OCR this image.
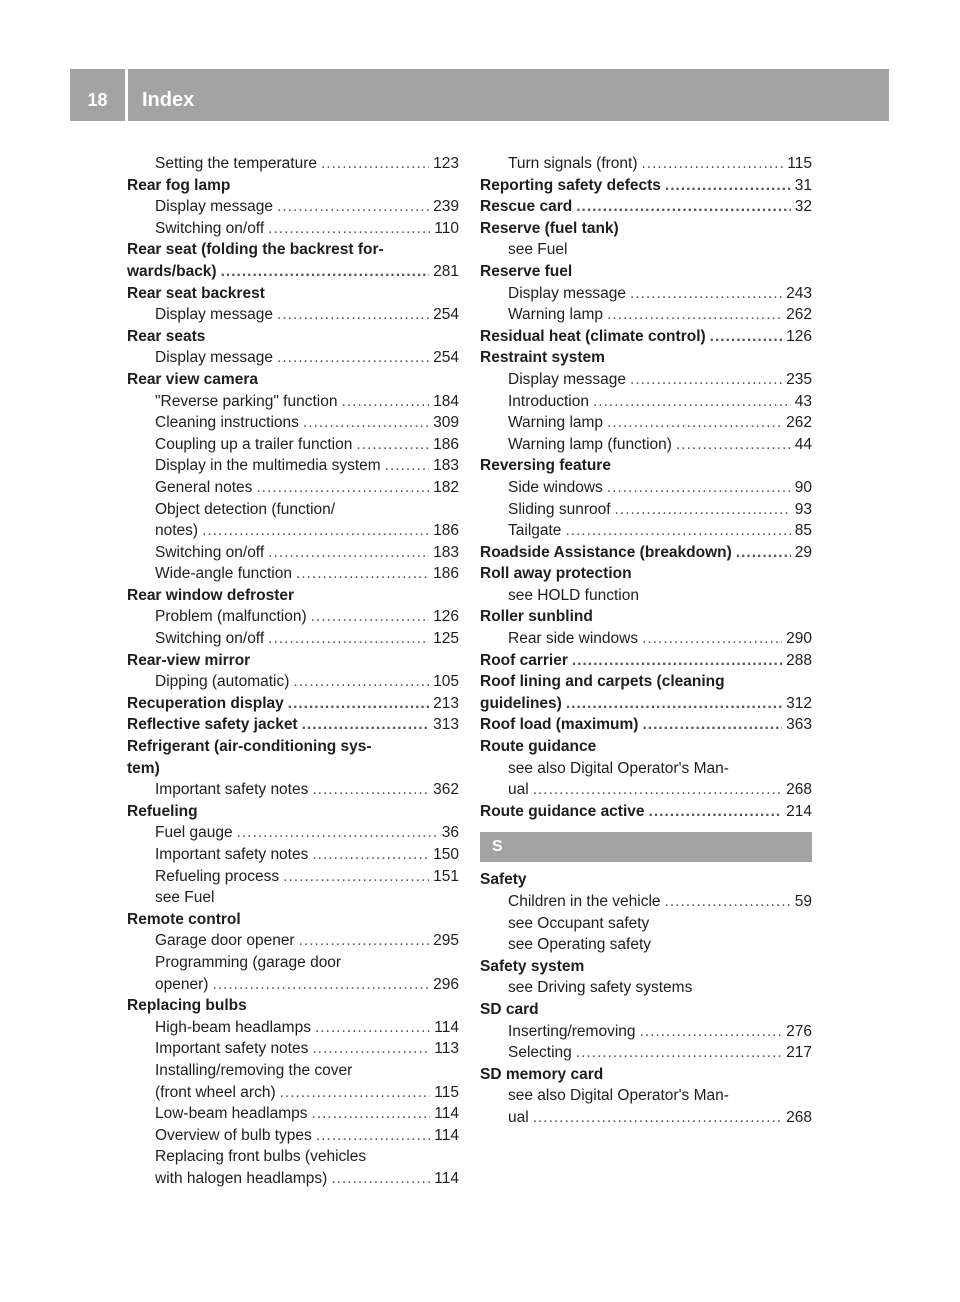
18	Index
Setting the temperature .....	123
Rear fog lamp
Display message .....	239
Switching on/off .....	110
Rear seat (folding the backrest for-
wards/back) .....	281
Rear seat backrest
Display message .....	254
Rear seats
Display message .....	254
Rear view camera
"Reverse parking" function .....	184
Cleaning instructions .....	309
Coupling up a trailer function .....	186
Display in the multimedia system .....	183
General notes .....	182
Object detection (function/
notes) .....	186
Switching on/off .....	183
Wide-angle function .....	186
Rear window defroster
Problem (malfunction) .....	126
Switching on/off .....	125
Rear-view mirror
Dipping (automatic) .....	105
Recuperation display .....	213
Reflective safety jacket .....	313
Refrigerant (air-conditioning sys-
tem)
Important safety notes .....	362
Refueling
Fuel gauge .....	36
Important safety notes .....	150
Refueling process .....	151
see Fuel
Remote control
Garage door opener .....	295
Programming (garage door
opener) .....	296
Replacing bulbs
High-beam headlamps .....	114
Important safety notes .....	113
Installing/removing the cover
(front wheel arch) .....	115
Low-beam headlamps .....	114
Overview of bulb types .....	114
Replacing front bulbs (vehicles
with halogen headlamps) .....	114
Turn signals (front) .....	115
Reporting safety defects .....	31
Rescue card .....	32
Reserve (fuel tank)
see Fuel
Reserve fuel
Display message .....	243
Warning lamp .....	262
Residual heat (climate control) .....	126
Restraint system
Display message .....	235
Introduction .....	43
Warning lamp .....	262
Warning lamp (function) .....	44
Reversing feature
Side windows .....	90
Sliding sunroof .....	93
Tailgate .....	85
Roadside Assistance (breakdown) .....	29
Roll away protection
see HOLD function
Roller sunblind
Rear side windows .....	290
Roof carrier .....	288
Roof lining and carpets (cleaning
guidelines) .....	312
Roof load (maximum) .....	363
Route guidance
see also Digital Operator's Man-
ual .....	268
Route guidance active .....	214
S
Safety
Children in the vehicle .....	59
see Occupant safety
see Operating safety
Safety system
see Driving safety systems
SD card
Inserting/removing .....	276
Selecting .....	217
SD memory card
see also Digital Operator's Man-
ual .....	268
